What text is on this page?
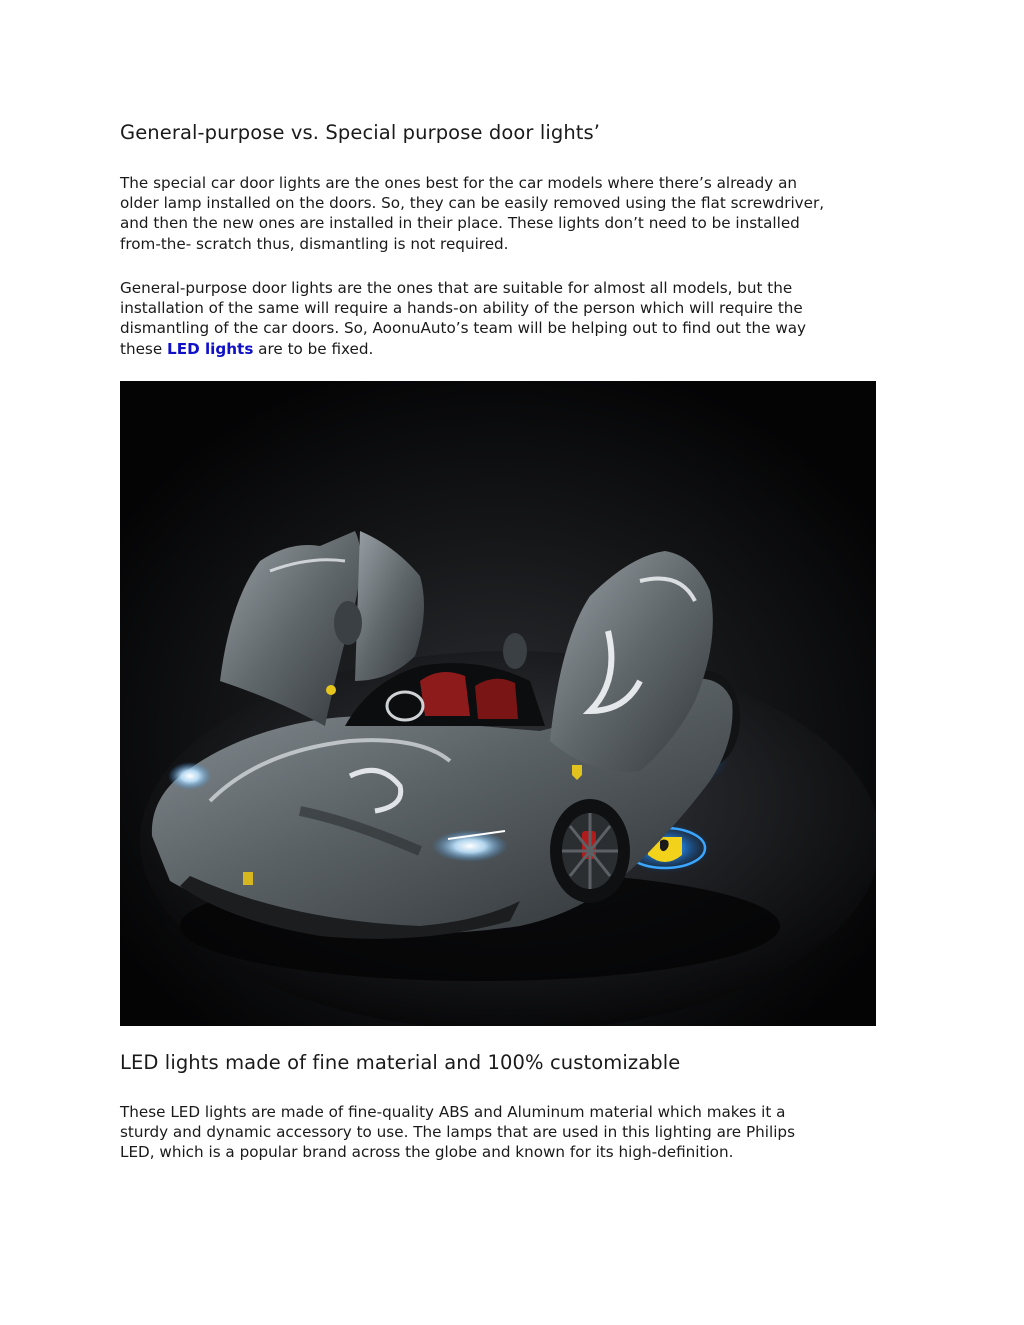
General-purpose vs. Special purpose door lights’

The special car door lights are the ones best for the car models where there’s already an
older lamp installed on the doors. So, they can be easily removed using the flat screwdriver,
and then the new ones are installed in their place. These lights don’t need to be installed
from-the- scratch thus, dismantling is not required.

General-purpose door lights are the ones that are suitable for almost all models, but the
installation of the same will require a hands-on ability of the person which will require the
dismantling of the car doors. So, AoonuAuto’s team will be helping out to find out the way
these LED lights are to be fixed.

LED lights made of fine material and 100% customizable

These LED lights are made of fine-quality ABS and Aluminum material which makes it a
sturdy and dynamic accessory to use. The lamps that are used in this lighting are Philips
LED, which is a popular brand across the globe and known for its high-definition.
